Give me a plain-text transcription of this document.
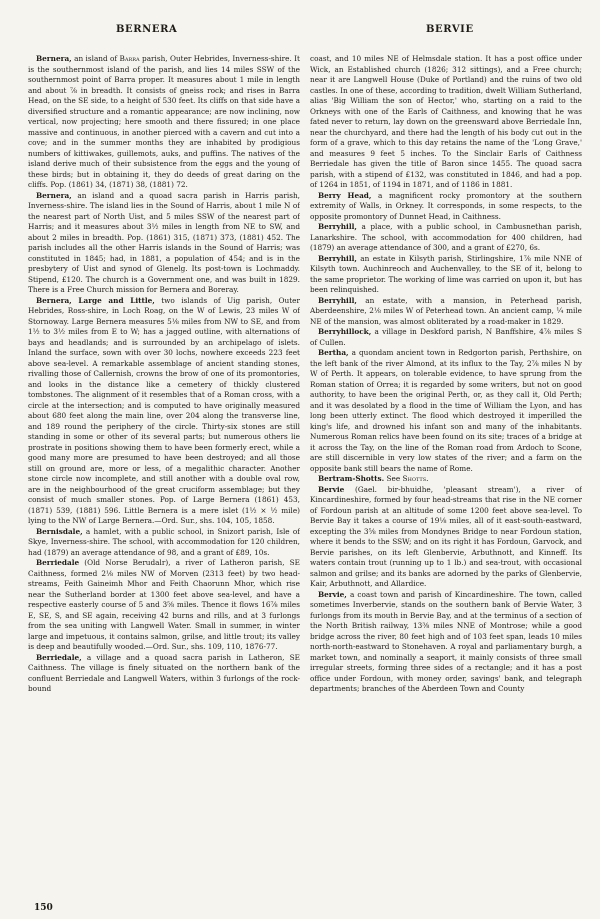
BERNERA	BERVIE

Bernera, an island of Barra parish, Outer Hebrides, Inverness-shire. It is the southernmost island of the parish, and lies 14 miles SSW of the southernmost point of Barra proper. It measures about 1 mile in length and about ⅞ in breadth. It consists of gneiss rock; and rises in Barra Head, on the SE side, to a height of 530 feet. Its cliffs on that side have a diversified structure and a romantic appearance; are now inclining, now vertical, now projecting; here smooth and there fissured; in one place massive and continuous, in another pierced with a cavern and cut into a cove; and in the summer months they are inhabited by prodigious numbers of kittiwakes, guillemots, auks, and puffins. The natives of the island derive much of their subsistence from the eggs and the young of these birds; but in obtaining it, they do deeds of great daring on the cliffs. Pop. (1861) 34, (1871) 38, (1881) 72.

Bernera, an island and a quoad sacra parish in Harris parish, Inverness-shire. The island lies in the Sound of Harris, about 1 mile N of the nearest part of North Uist, and 5 miles SSW of the nearest part of Harris; and it measures about 3½ miles in length from NE to SW, and about 2 miles in breadth. Pop. (1861) 315, (1871) 373, (1881) 452. The parish includes all the other Harris islands in the Sound of Harris; was constituted in 1845; had, in 1881, a population of 454; and is in the presbytery of Uist and synod of Glenelg. Its post-town is Lochmaddy. Stipend, £120. The church is a Government one, and was built in 1829. There is a Free Church mission for Bernera and Boreray.

Bernera, Large and Little, two islands of Uig parish, Outer Hebrides, Ross-shire, in Loch Roag, on the W of Lewis, 23 miles W of Stornoway. Large Bernera measures 5⅛ miles from NW to SE, and from 1½ to 3½ miles from E to W; has a jagged outline, with alternations of bays and headlands; and is surrounded by an archipelago of islets. Inland the surface, sown with over 30 lochs, nowhere exceeds 223 feet above sea-level. A remarkable assemblage of ancient standing stones, rivalling those of Callernish, crowns the brow of one of its promontories, and looks in the distance like a cemetery of thickly clustered tombstones. The alignment of it resembles that of a Roman cross, with a circle at the intersection; and is computed to have originally measured about 680 feet along the main line, over 204 along the transverse line, and 189 round the periphery of the circle. Thirty-six stones are still standing in some or other of its several parts; but numerous others lie prostrate in positions showing them to have been formerly erect, while a good many more are presumed to have been destroyed; and all those still on ground are, more or less, of a megalithic character. Another stone circle now incomplete, and still another with a double oval row, are in the neighbourhood of the great cruciform assemblage; but they consist of much smaller stones. Pop. of Large Bernera (1861) 453, (1871) 539, (1881) 596. Little Bernera is a mere islet (1½ × ½ mile) lying to the NW of Large Bernera.—Ord. Sur., shs. 104, 105, 1858.

Bernisdale, a hamlet, with a public school, in Snizort parish, Isle of Skye, Inverness-shire. The school, with accommodation for 120 children, had (1879) an average attendance of 98, and a grant of £89, 10s.

Berriedale (Old Norse Berudalr), a river of Latheron parish, SE Caithness, formed 2⅛ miles NW of Morven (2313 feet) by two head-streams, Feith Gaineimh Mhor and Feith Chaorunn Mhor, which rise near the Sutherland border at 1300 feet above sea-level, and have a respective easterly course of 5 and 3⅝ miles. Thence it flows 16⅞ miles E, SE, S, and SE again, receiving 42 burns and rills, and at 3 furlongs from the sea uniting with Langwell Water. Small in summer, in winter large and impetuous, it contains salmon, grilse, and little trout; its valley is deep and beautifully wooded.—Ord. Sur., shs. 109, 110, 1876-77.

Berriedale, a village and a quoad sacra parish in Latheron, SE Caithness. The village is finely situated on the northern bank of the confluent Berriedale and Langwell Waters, within 3 furlongs of the rock-bound

coast, and 10 miles NE of Helmsdale station. It has a post office under Wick, an Established church (1826; 312 sittings), and a Free church; near it are Langwell House (Duke of Portland) and the ruins of two old castles. In one of these, according to tradition, dwelt William Sutherland, alias 'Big William the son of Hector,' who, starting on a raid to the Orkneys with one of the Earls of Caithness, and knowing that he was fated never to return, lay down on the greensward above Berriedale Inn, near the churchyard, and there had the length of his body cut out in the form of a grave, which to this day retains the name of the 'Long Grave,' and measures 9 feet 5 inches. To the Sinclair Earls of Caithness Berriedale has given the title of Baron since 1455. The quoad sacra parish, with a stipend of £132, was constituted in 1846, and had a pop. of 1264 in 1851, of 1194 in 1871, and of 1186 in 1881.

Berry Head, a magnificent rocky promontory at the southern extremity of Walls, in Orkney. It corresponds, in some respects, to the opposite promontory of Dunnet Head, in Caithness.

Berryhill, a place, with a public school, in Cambusnethan parish, Lanarkshire. The school, with accommodation for 400 children, had (1879) an average attendance of 300, and a grant of £270, 6s.

Berryhill, an estate in Kilsyth parish, Stirlingshire, 1⅞ mile NNE of Kilsyth town. Auchinreoch and Auchenvalley, to the SE of it, belong to the same proprietor. The working of lime was carried on upon it, but has been relinquished.

Berryhill, an estate, with a mansion, in Peterhead parish, Aberdeenshire, 2⅛ miles W of Peterhead town. An ancient camp, ¼ mile NE of the mansion, was almost obliterated by a road-maker in 1829.

Berryhillock, a village in Deskford parish, N Banffshire, 4⅞ miles S of Cullen.

Bertha, a quondam ancient town in Redgorton parish, Perthshire, on the left bank of the river Almond, at its influx to the Tay, 2⅞ miles N by W of Perth. It appears, on tolerable evidence, to have sprung from the Roman station of Orrea; it is regarded by some writers, but not on good authority, to have been the original Perth, or, as they call it, Old Perth; and it was desolated by a flood in the time of William the Lyon, and has long been utterly extinct. The flood which destroyed it imperilled the king's life, and drowned his infant son and many of the inhabitants. Numerous Roman relics have been found on its site; traces of a bridge at it across the Tay, on the line of the Roman road from Ardoch to Scone, are still discernible in very low states of the river; and a farm on the opposite bank still bears the name of Rome.

Bertram-Shotts. See Shotts.

Bervie (Gael. bir-bhuidhe, 'pleasant stream'), a river of Kincardineshire, formed by four head-streams that rise in the NE corner of Fordoun parish at an altitude of some 1200 feet above sea-level. To Bervie Bay it takes a course of 19⅛ miles, all of it east-south-eastward, excepting the 3⅝ miles from Mondynes Bridge to near Fordoun station, where it bends to the SSW; and on its right it has Fordoun, Garvock, and Bervie parishes, on its left Glenbervie, Arbuthnott, and Kinneff. Its waters contain trout (running up to 1 lb.) and sea-trout, with occasional salmon and grilse; and its banks are adorned by the parks of Glenbervie, Kair, Arbuthnott, and Allardice.

Bervie, a coast town and parish of Kincardineshire. The town, called sometimes Inverbervie, stands on the southern bank of Bervie Water, 3 furlongs from its mouth in Bervie Bay, and at the terminus of a section of the North British railway, 13⅜ miles NNE of Montrose; while a good bridge across the river, 80 feet high and of 103 feet span, leads 10 miles north-north-eastward to Stonehaven. A royal and parliamentary burgh, a market town, and nominally a seaport, it mainly consists of three small irregular streets, forming three sides of a rectangle; and it has a post office under Fordoun, with money order, savings' bank, and telegraph departments; branches of the Aberdeen Town and County

150
